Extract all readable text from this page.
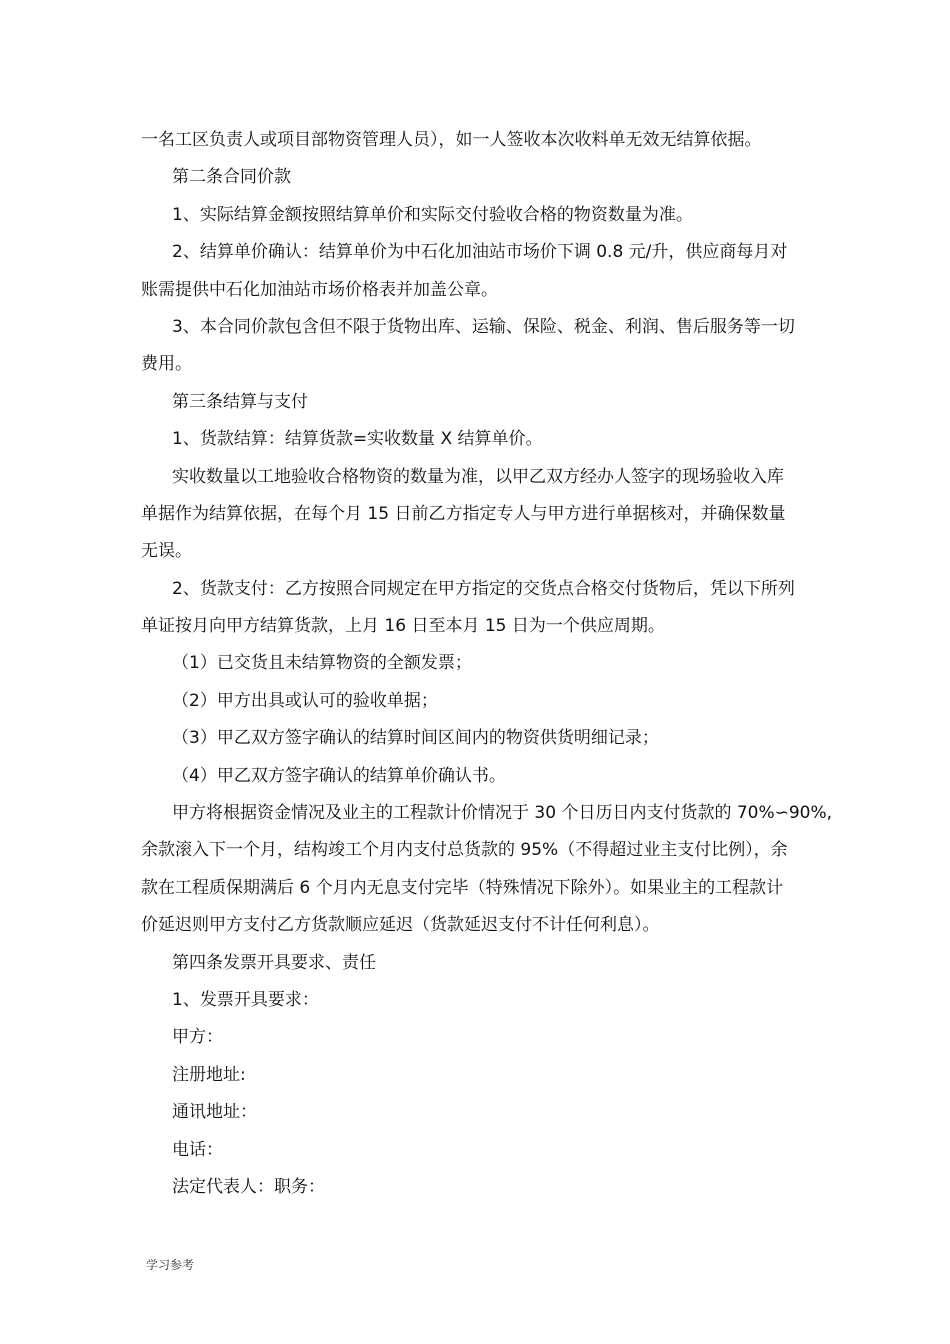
一名工区负责人或项目部物资管理人员），如一人签收本次收料单无效无结算依据。
第二条合同价款
1、实际结算金额按照结算单价和实际交付验收合格的物资数量为准。
2、结算单价确认：结算单价为中石化加油站市场价下调 0.8 元/升，供应商每月对
账需提供中石化加油站市场价格表并加盖公章。
3、本合同价款包含但不限于货物出库、运输、保险、税金、利润、售后服务等一切
费用。
第三条结算与支付
1、货款结算：结算货款=实收数量 X 结算单价。
实收数量以工地验收合格物资的数量为准，以甲乙双方经办人签字的现场验收入库
单据作为结算依据，在每个月 15 日前乙方指定专人与甲方进行单据核对，并确保数量
无误。
2、货款支付：乙方按照合同规定在甲方指定的交货点合格交付货物后，凭以下所列
单证按月向甲方结算货款，上月 16 日至本月 15 日为一个供应周期。
（1）已交货且未结算物资的全额发票；
（2）甲方出具或认可的验收单据；
（3）甲乙双方签字确认的结算时间区间内的物资供货明细记录；
（4）甲乙双方签字确认的结算单价确认书。
甲方将根据资金情况及业主的工程款计价情况于 30 个日历日内支付货款的 70%∽90%,
余款滚入下一个月，结构竣工个月内支付总货款的 95%（不得超过业主支付比例），余
款在工程质保期满后 6 个月内无息支付完毕（特殊情况下除外）。如果业主的工程款计
价延迟则甲方支付乙方货款顺应延迟（货款延迟支付不计任何利息）。
第四条发票开具要求、责任
1、发票开具要求：
甲方：
注册地址:
通讯地址：
电话：
法定代表人：职务：
学习参考
